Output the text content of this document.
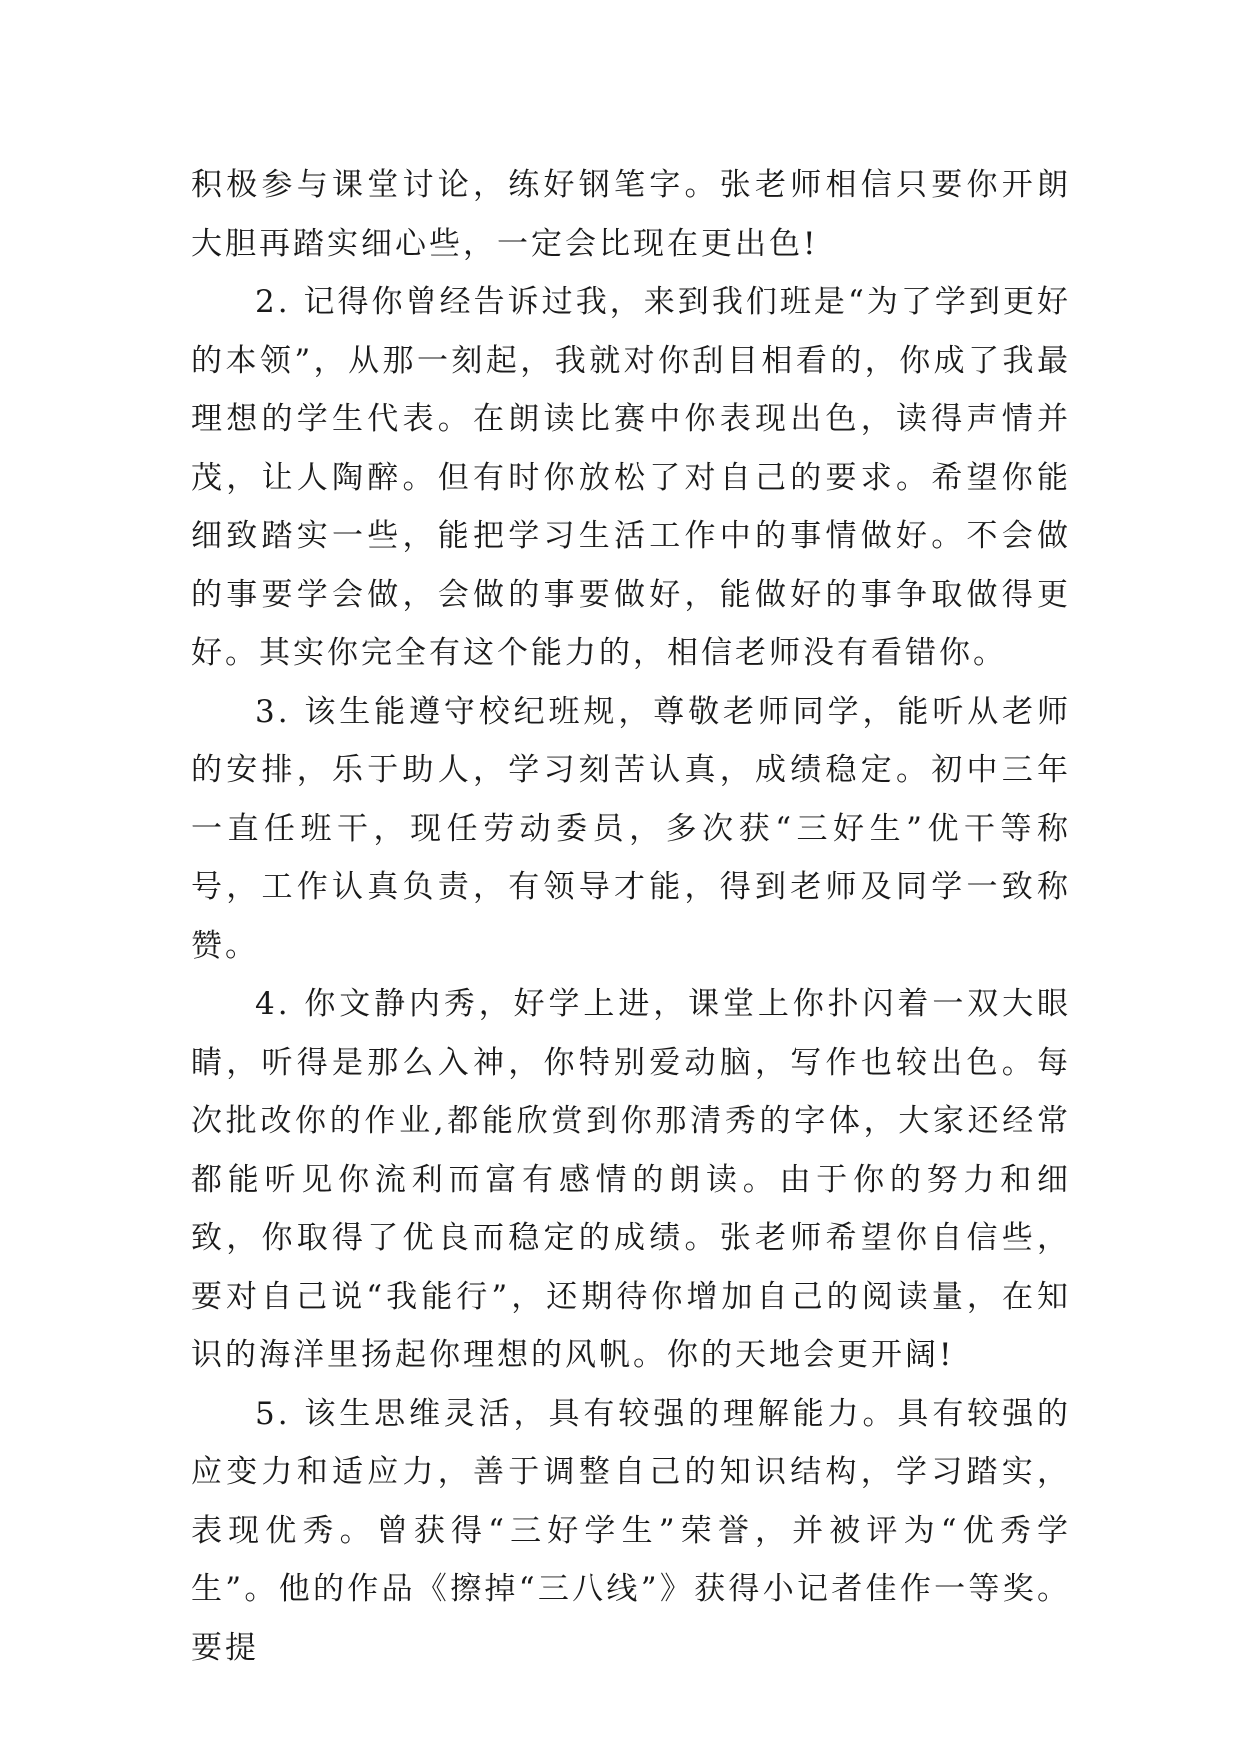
积极参与课堂讨论，练好钢笔字。张老师相信只要你开朗大胆再踏实细心些，一定会比现在更出色!

2. 记得你曾经告诉过我，来到我们班是“为了学到更好的本领”，从那一刻起，我就对你刮目相看的，你成了我最理想的学生代表。在朗读比赛中你表现出色，读得声情并茂，让人陶醉。但有时你放松了对自己的要求。希望你能细致踏实一些，能把学习生活工作中的事情做好。不会做的事要学会做，会做的事要做好，能做好的事争取做得更好。其实你完全有这个能力的，相信老师没有看错你。

3. 该生能遵守校纪班规，尊敬老师同学，能听从老师的安排，乐于助人，学习刻苦认真，成绩稳定。初中三年一直任班干，现任劳动委员，多次获“三好生”优干等称号，工作认真负责，有领导才能，得到老师及同学一致称赞。

4. 你文静内秀，好学上进，课堂上你扑闪着一双大眼睛，听得是那么入神，你特别爱动脑，写作也较出色。每次批改你的作业,都能欣赏到你那清秀的字体，大家还经常都能听见你流利而富有感情的朗读。由于你的努力和细致，你取得了优良而稳定的成绩。张老师希望你自信些，要对自己说“我能行”，还期待你增加自己的阅读量，在知识的海洋里扬起你理想的风帆。你的天地会更开阔!

5. 该生思维灵活，具有较强的理解能力。具有较强的应变力和适应力，善于调整自己的知识结构，学习踏实，表现优秀。曾获得“三好学生”荣誉，并被评为“优秀学生”。他的作品《擦掉“三八线”》获得小记者佳作一等奖。要提
